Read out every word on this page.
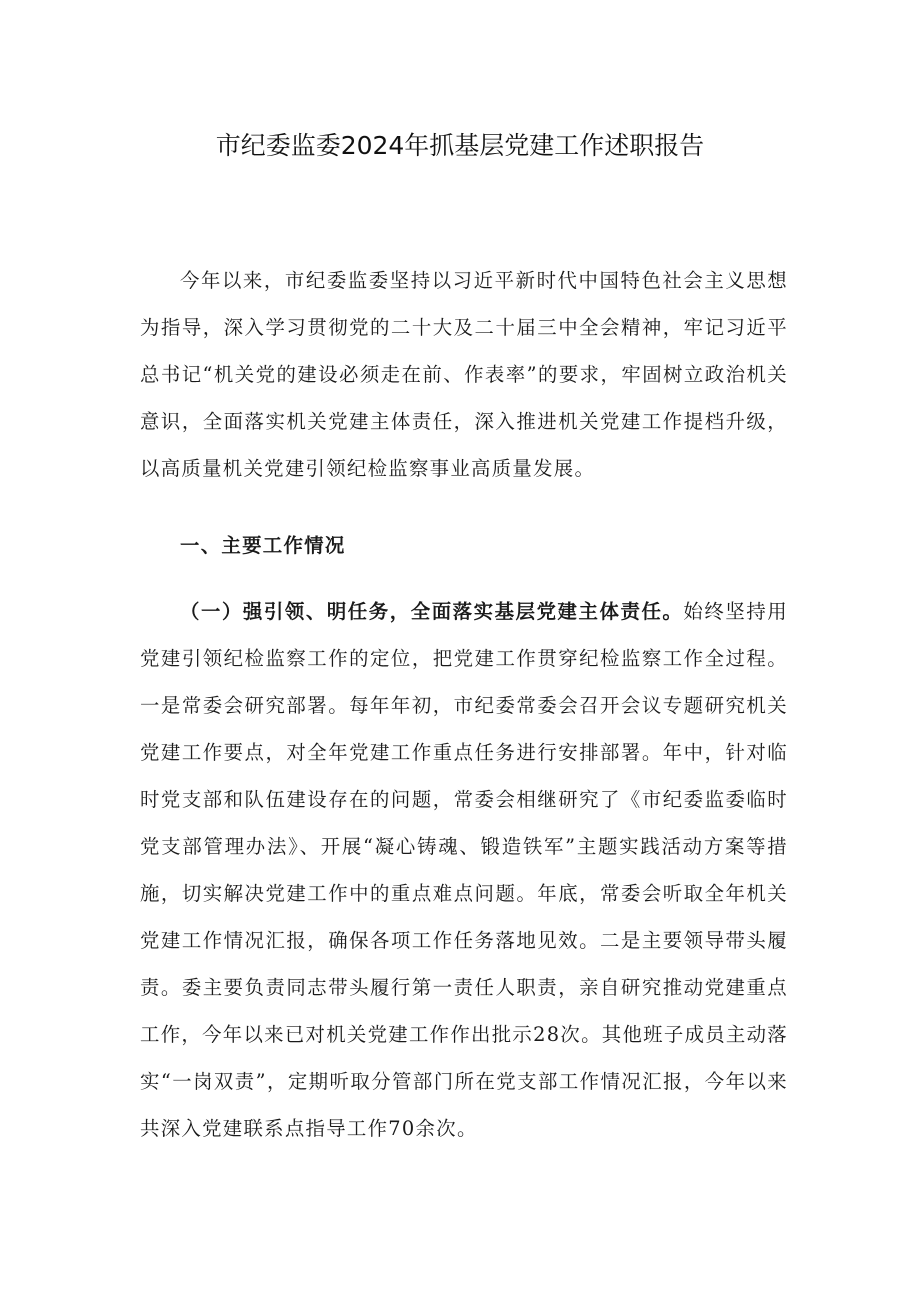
市纪委监委2024年抓基层党建工作述职报告
今年以来，市纪委监委坚持以习近平新时代中国特色社会主义思想为指导，深入学习贯彻党的二十大及二十届三中全会精神，牢记习近平总书记“机关党的建设必须走在前、作表率”的要求，牢固树立政治机关意识，全面落实机关党建主体责任，深入推进机关党建工作提档升级，以高质量机关党建引领纪检监察事业高质量发展。
一、主要工作情况
（一）强引领、明任务，全面落实基层党建主体责任。始终坚持用党建引领纪检监察工作的定位，把党建工作贯穿纪检监察工作全过程。一是常委会研究部署。每年年初，市纪委常委会召开会议专题研究机关党建工作要点，对全年党建工作重点任务进行安排部署。年中，针对临时党支部和队伍建设存在的问题，常委会相继研究了《市纪委监委临时党支部管理办法》、开展“凝心铸魂、锻造铁军”主题实践活动方案等措施，切实解决党建工作中的重点难点问题。年底，常委会听取全年机关党建工作情况汇报，确保各项工作任务落地见效。二是主要领导带头履责。委主要负责同志带头履行第一责任人职责，亲自研究推动党建重点工作，今年以来已对机关党建工作作出批示28次。其他班子成员主动落实“一岗双责”，定期听取分管部门所在党支部工作情况汇报，今年以来共深入党建联系点指导工作70余次。
